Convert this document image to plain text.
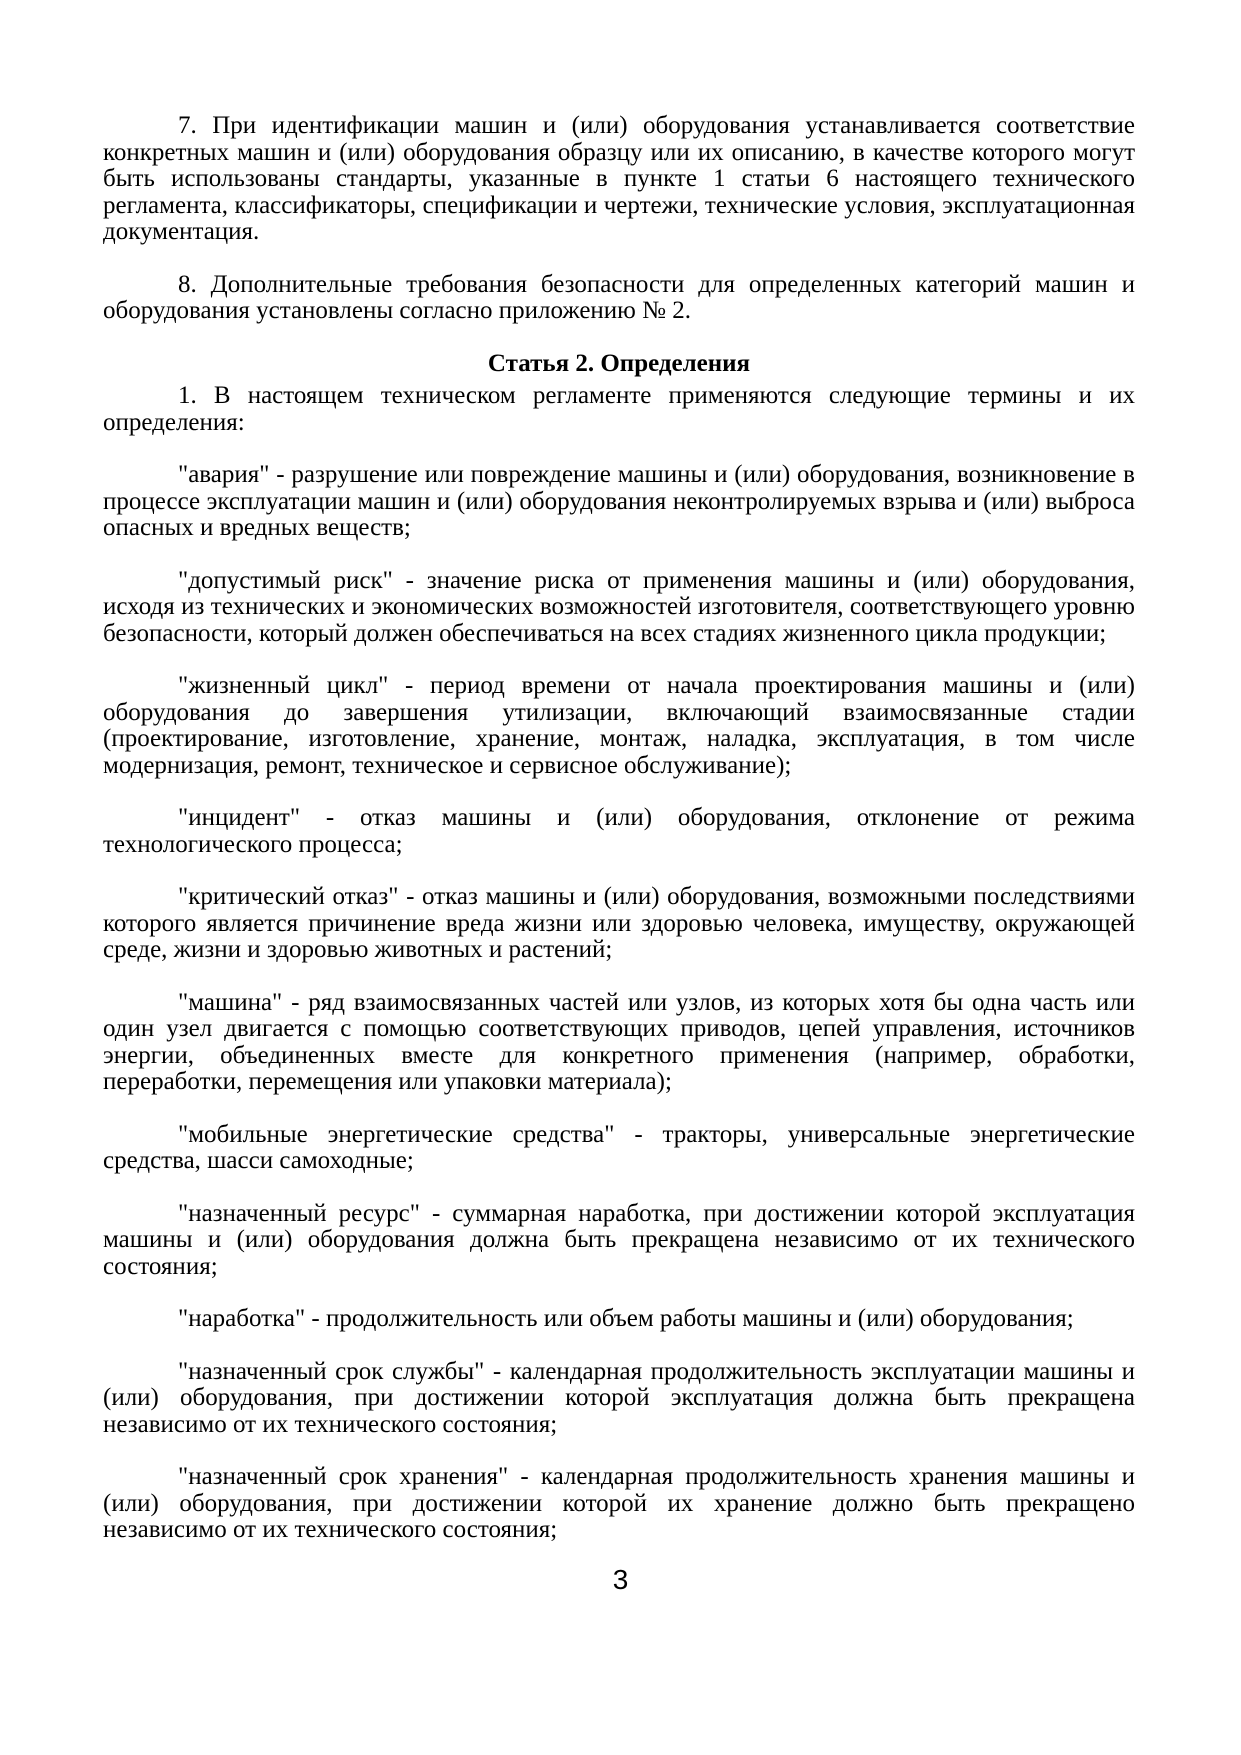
7. При идентификации машин и (или) оборудования устанавливается соответствие конкретных машин и (или) оборудования образцу или их описанию, в качестве которого могут быть использованы стандарты, указанные в пункте 1 статьи 6 настоящего технического регламента, классификаторы, спецификации и чертежи, технические условия, эксплуатационная документация.

8. Дополнительные требования безопасности для определенных категорий машин и оборудования установлены согласно приложению № 2.

Статья 2. Определения

1. В настоящем техническом регламенте применяются следующие термины и их определения:

"авария" - разрушение или повреждение машины и (или) оборудования, возникновение в процессе эксплуатации машин и (или) оборудования неконтролируемых взрыва и (или) выброса опасных и вредных веществ;

"допустимый риск" - значение риска от применения машины и (или) оборудования, исходя из технических и экономических возможностей изготовителя, соответствующего уровню безопасности, который должен обеспечиваться на всех стадиях жизненного цикла продукции;

"жизненный цикл" - период времени от начала проектирования машины и (или) оборудования до завершения утилизации, включающий взаимосвязанные стадии (проектирование, изготовление, хранение, монтаж, наладка, эксплуатация, в том числе модернизация, ремонт, техническое и сервисное обслуживание);

"инцидент" - отказ машины и (или) оборудования, отклонение от режима технологического процесса;

"критический отказ" - отказ машины и (или) оборудования, возможными последствиями которого является причинение вреда жизни или здоровью человека, имуществу, окружающей среде, жизни и здоровью животных и растений;

"машина" - ряд взаимосвязанных частей или узлов, из которых хотя бы одна часть или один узел двигается с помощью соответствующих приводов, цепей управления, источников энергии, объединенных вместе для конкретного применения (например, обработки, переработки, перемещения или упаковки материала);

"мобильные энергетические средства" - тракторы, универсальные энергетические средства, шасси самоходные;

"назначенный ресурс" - суммарная наработка, при достижении которой эксплуатация машины и (или) оборудования должна быть прекращена независимо от их технического состояния;

"наработка" - продолжительность или объем работы машины и (или) оборудования;

"назначенный срок службы" - календарная продолжительность эксплуатации машины и (или) оборудования, при достижении которой эксплуатация должна быть прекращена независимо от их технического состояния;

"назначенный срок хранения" - календарная продолжительность хранения машины и (или) оборудования, при достижении которой их хранение должно быть прекращено независимо от их технического состояния;

3
